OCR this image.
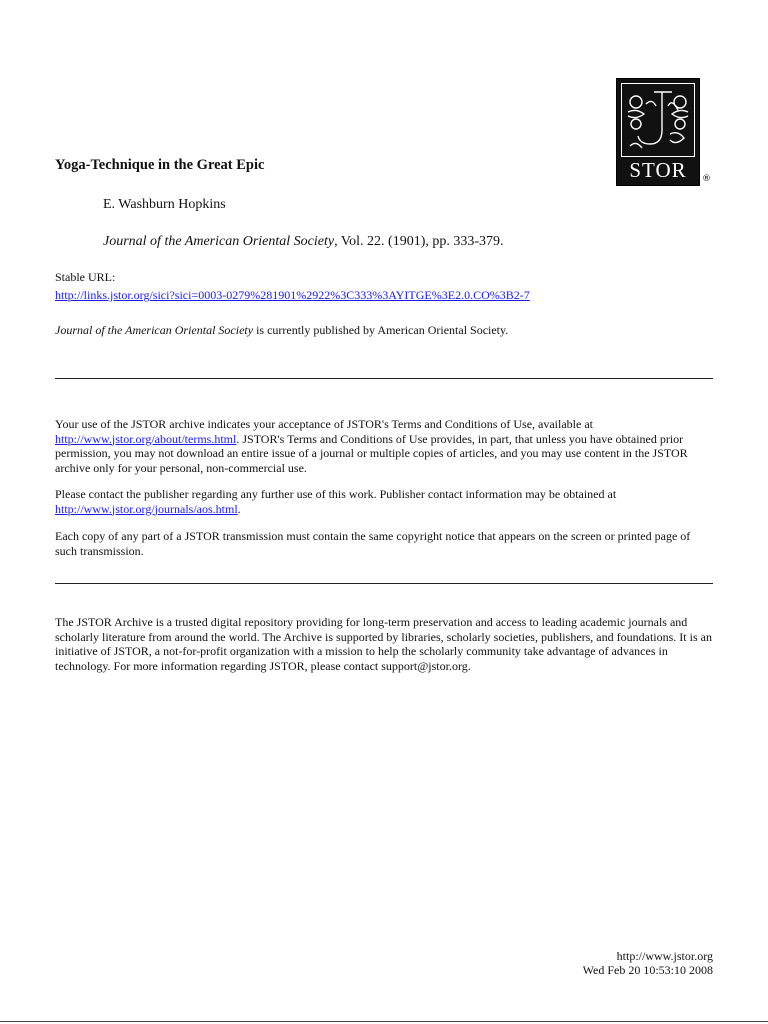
STOR	®
Yoga-Technique in the Great Epic
E. Washburn Hopkins
Journal of the American Oriental Society, Vol. 22. (1901), pp. 333-379.
Stable URL:
http://links.jstor.org/sici?sici=0003-0279%281901%2922%3C333%3AYITGE%3E2.0.CO%3B2-7
Journal of the American Oriental Society is currently published by American Oriental Society.
Your use of the JSTOR archive indicates your acceptance of JSTOR's Terms and Conditions of Use, available at
http://www.jstor.org/about/terms.html. JSTOR's Terms and Conditions of Use provides, in part, that unless you have obtained prior permission, you may not download an entire issue of a journal or multiple copies of articles, and you may use content in the JSTOR archive only for your personal, non-commercial use.
Please contact the publisher regarding any further use of this work. Publisher contact information may be obtained at
http://www.jstor.org/journals/aos.html.
Each copy of any part of a JSTOR transmission must contain the same copyright notice that appears on the screen or printed page of such transmission.
The JSTOR Archive is a trusted digital repository providing for long-term preservation and access to leading academic journals and scholarly literature from around the world. The Archive is supported by libraries, scholarly societies, publishers, and foundations. It is an initiative of JSTOR, a not-for-profit organization with a mission to help the scholarly community take advantage of advances in technology. For more information regarding JSTOR, please contact support@jstor.org.
http://www.jstor.org
Wed Feb 20 10:53:10 2008
